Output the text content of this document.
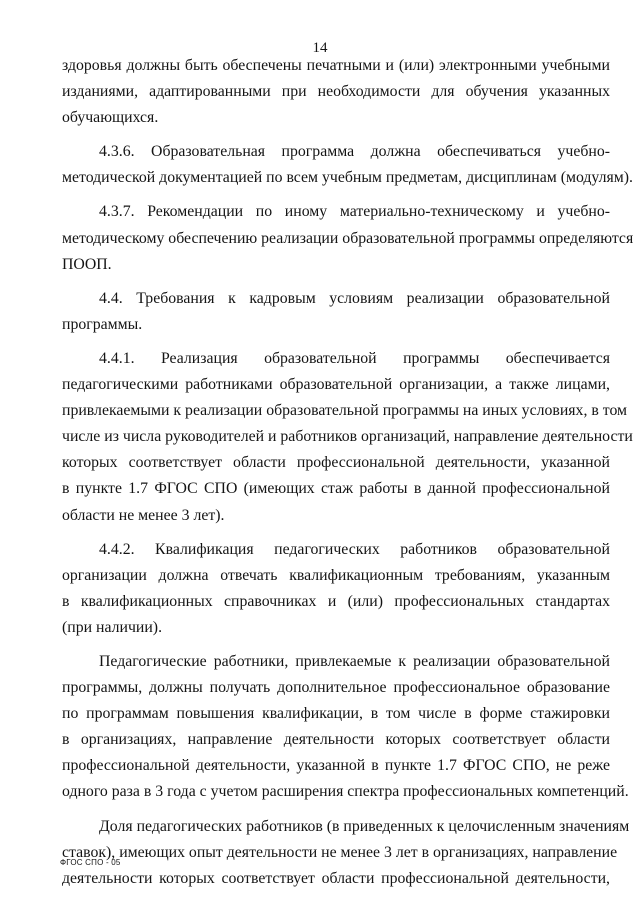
14
здоровья должны быть обеспечены печатными и (или) электронными учебными
изданиями, адаптированными при необходимости для обучения указанных
обучающихся.
4.3.6. Образовательная программа должна обеспечиваться учебно-
методической документацией по всем учебным предметам, дисциплинам (модулям).
4.3.7. Рекомендации по иному материально-техническому и учебно-
методическому обеспечению реализации образовательной программы определяются
ПООП.
4.4. Требования к кадровым условиям реализации образовательной
программы.
4.4.1. Реализация образовательной программы обеспечивается
педагогическими работниками образовательной организации, а также лицами,
привлекаемыми к реализации образовательной программы на иных условиях, в том
числе из числа руководителей и работников организаций, направление деятельности
которых соответствует области профессиональной деятельности, указанной
в пункте 1.7 ФГОС СПО (имеющих стаж работы в данной профессиональной
области не менее 3 лет).
4.4.2. Квалификация педагогических работников образовательной
организации должна отвечать квалификационным требованиям, указанным
в квалификационных справочниках и (или) профессиональных стандартах
(при наличии).
Педагогические работники, привлекаемые к реализации образовательной
программы, должны получать дополнительное профессиональное образование
по программам повышения квалификации, в том числе в форме стажировки
в организациях, направление деятельности которых соответствует области
профессиональной деятельности, указанной в пункте 1.7 ФГОС СПО, не реже
одного раза в 3 года с учетом расширения спектра профессиональных компетенций.
Доля педагогических работников (в приведенных к целочисленным значениям
ставок), имеющих опыт деятельности не менее 3 лет в организациях, направление
деятельности которых соответствует области профессиональной деятельности,
ФГОС СПО - 05
